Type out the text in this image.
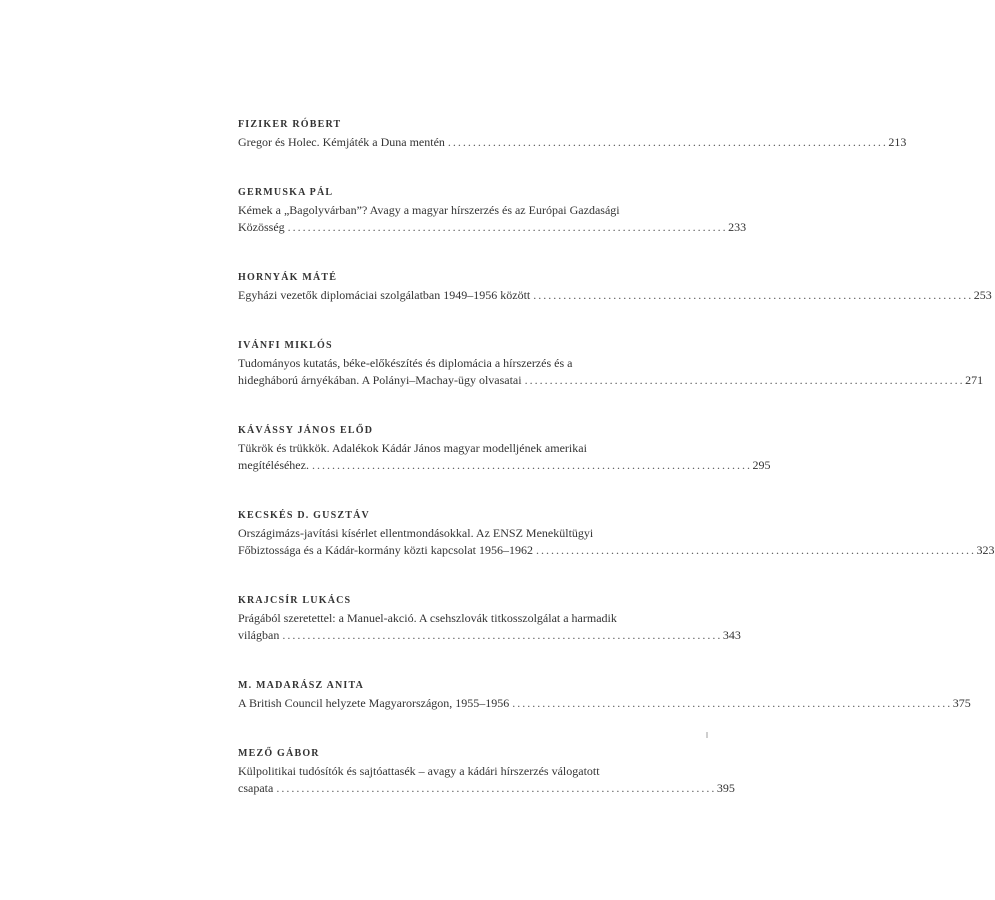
FIZIKER RÓBERT
Gregor és Holec. Kémjáték a Duna mentén . . .	213
GERMUSKA PÁL
Kémek a „Bagolyvárban”? Avagy a magyar hírszerzés és az Európai Gazdasági
Közösség . . .	233
HORNYÁK MÁTÉ
Egyházi vezetők diplomáciai szolgálatban 1949–1956 között . . .	253
IVÁNFI MIKLÓS
Tudományos kutatás, béke-előkészítés és diplomácia a hírszerzés és a
hidegháború árnyékában. A Polányi–Machay-ügy olvasatai . . .	271
KÁVÁSSY JÁNOS ELŐD
Tükrök és trükkök. Adalékok Kádár János magyar modelljének amerikai
megítéléséhez. . . .	295
KECSKÉS D. GUSZTÁV
Országimázs-javítási kísérlet ellentmondásokkal. Az ENSZ Menekültügyi
Főbiztossága és a Kádár-kormány közti kapcsolat 1956–1962 . . .	323
KRAJCSÍR LUKÁCS
Prágából szeretettel: a Manuel-akció. A csehszlovák titkosszolgálat a harmadik
világban . . .	343
M. MADARÁSZ ANITA
A British Council helyzete Magyarországon, 1955–1956 . . .	375
MEZŐ GÁBOR
Külpolitikai tudósítók és sajtóattasék – avagy a kádári hírszerzés válogatott
csapata . . .	395
